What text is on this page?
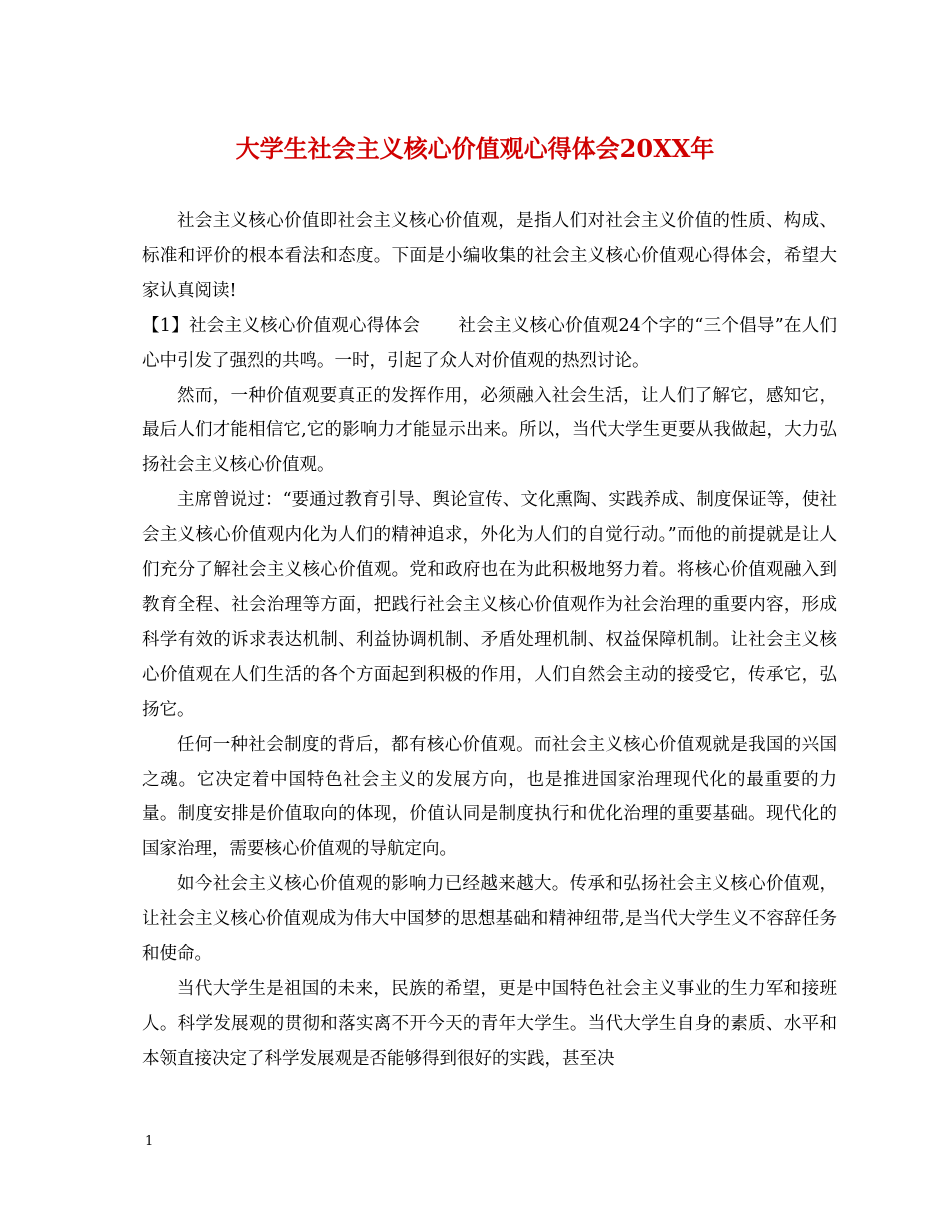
大学生社会主义核心价值观心得体会20XX年

社会主义核心价值即社会主义核心价值观，是指人们对社会主义价值的性质、构成、标准和评价的根本看法和态度。下面是小编收集的社会主义核心价值观心得体会，希望大家认真阅读!

【1】社会主义核心价值观心得体会 社会主义核心价值观24个字的“三个倡导”在人们心中引发了强烈的共鸣。一时，引起了众人对价值观的热烈讨论。

然而，一种价值观要真正的发挥作用，必须融入社会生活，让人们了解它，感知它，最后人们才能相信它,它的影响力才能显示出来。所以，当代大学生更要从我做起，大力弘扬社会主义核心价值观。

主席曾说过：“要通过教育引导、舆论宣传、文化熏陶、实践养成、制度保证等，使社会主义核心价值观内化为人们的精神追求，外化为人们的自觉行动。”而他的前提就是让人们充分了解社会主义核心价值观。党和政府也在为此积极地努力着。将核心价值观融入到教育全程、社会治理等方面，把践行社会主义核心价值观作为社会治理的重要内容，形成科学有效的诉求表达机制、利益协调机制、矛盾处理机制、权益保障机制。让社会主义核心价值观在人们生活的各个方面起到积极的作用，人们自然会主动的接受它，传承它，弘扬它。

任何一种社会制度的背后，都有核心价值观。而社会主义核心价值观就是我国的兴国之魂。它决定着中国特色社会主义的发展方向，也是推进国家治理现代化的最重要的力量。制度安排是价值取向的体现，价值认同是制度执行和优化治理的重要基础。现代化的国家治理，需要核心价值观的导航定向。

如今社会主义核心价值观的影响力已经越来越大。传承和弘扬社会主义核心价值观，让社会主义核心价值观成为伟大中国梦的思想基础和精神纽带,是当代大学生义不容辞任务和使命。

当代大学生是祖国的未来，民族的希望，更是中国特色社会主义事业的生力军和接班人。科学发展观的贯彻和落实离不开今天的青年大学生。当代大学生自身的素质、水平和本领直接决定了科学发展观是否能够得到很好的实践，甚至决

1
